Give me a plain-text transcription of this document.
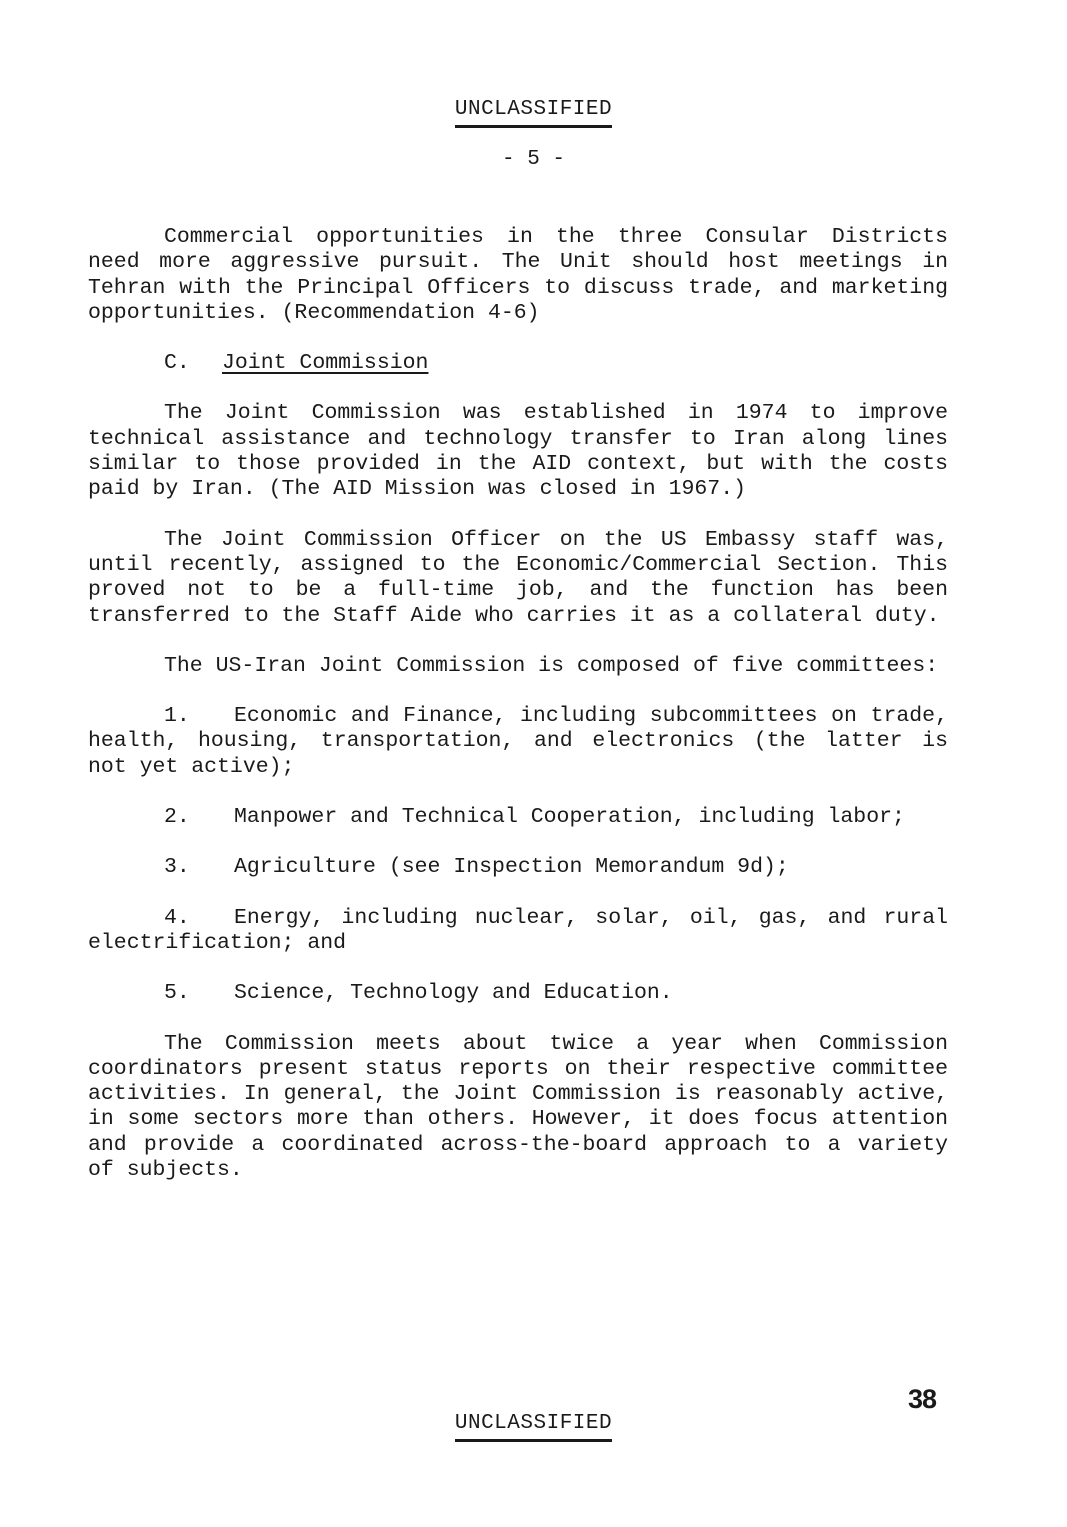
UNCLASSIFIED
- 5 -

Commercial opportunities in the three Consular Districts need more aggressive pursuit. The Unit should host meetings in Tehran with the Principal Officers to discuss trade, and marketing opportunities. (Recommendation 4-6)

C. Joint Commission

The Joint Commission was established in 1974 to improve technical assistance and technology transfer to Iran along lines similar to those provided in the AID context, but with the costs paid by Iran. (The AID Mission was closed in 1967.)

The Joint Commission Officer on the US Embassy staff was, until recently, assigned to the Economic/Commercial Section. This proved not to be a full-time job, and the function has been transferred to the Staff Aide who carries it as a collateral duty.

The US-Iran Joint Commission is composed of five committees:

1. Economic and Finance, including subcommittees on trade, health, housing, transportation, and electronics (the latter is not yet active);

2. Manpower and Technical Cooperation, including labor;

3. Agriculture (see Inspection Memorandum 9d);

4. Energy, including nuclear, solar, oil, gas, and rural electrification; and

5. Science, Technology and Education.

The Commission meets about twice a year when Commission coordinators present status reports on their respective committee activities. In general, the Joint Commission is reasonably active, in some sectors more than others. However, it does focus attention and provide a coordinated across-the-board approach to a variety of subjects.

38
UNCLASSIFIED
